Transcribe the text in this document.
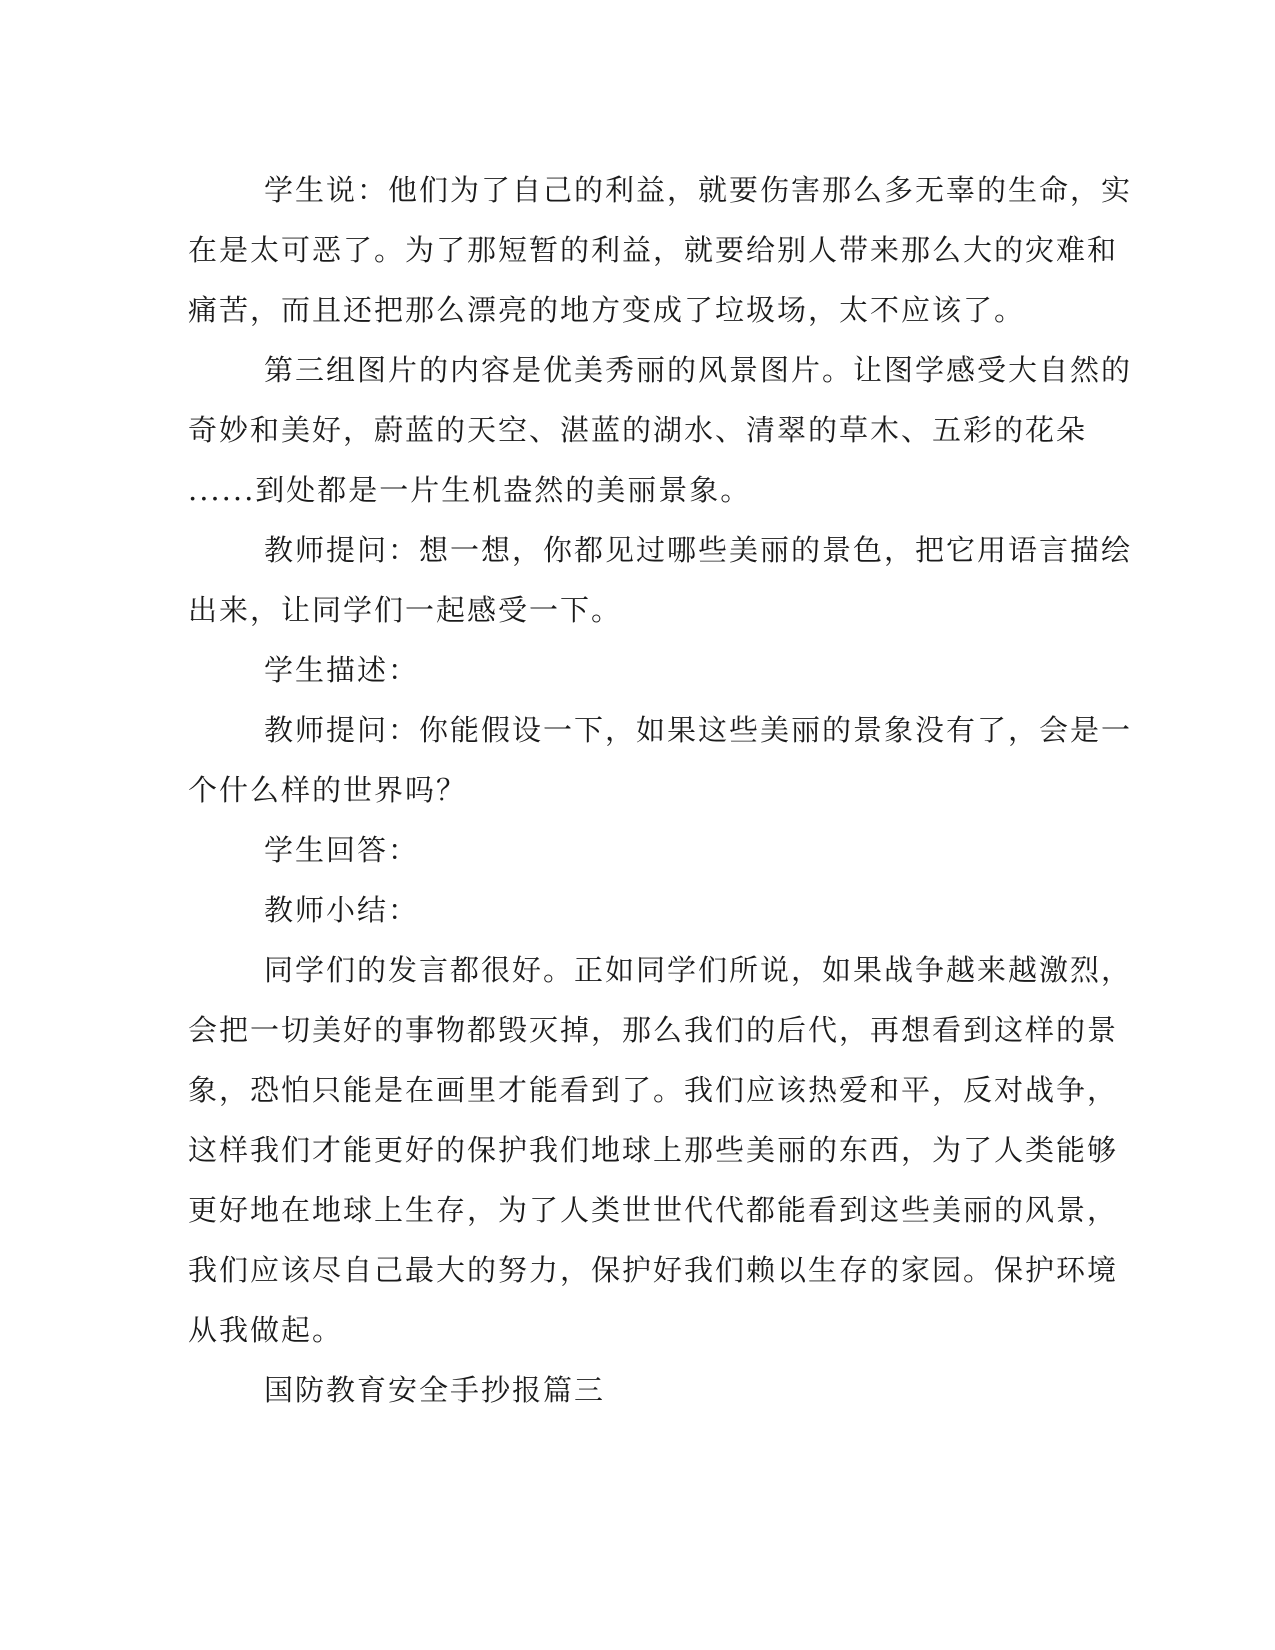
学生说：他们为了自己的利益，就要伤害那么多无辜的生命，实
在是太可恶了。为了那短暂的利益，就要给别人带来那么大的灾难和
痛苦，而且还把那么漂亮的地方变成了垃圾场，太不应该了。
第三组图片的内容是优美秀丽的风景图片。让图学感受大自然的
奇妙和美好，蔚蓝的天空、湛蓝的湖水、清翠的草木、五彩的花朵
......到处都是一片生机盎然的美丽景象。
教师提问：想一想，你都见过哪些美丽的景色，把它用语言描绘
出来，让同学们一起感受一下。
学生描述：
教师提问：你能假设一下，如果这些美丽的景象没有了，会是一
个什么样的世界吗？
学生回答：
教师小结：
同学们的发言都很好。正如同学们所说，如果战争越来越激烈，
会把一切美好的事物都毁灭掉，那么我们的后代，再想看到这样的景
象，恐怕只能是在画里才能看到了。我们应该热爱和平，反对战争，
这样我们才能更好的保护我们地球上那些美丽的东西，为了人类能够
更好地在地球上生存，为了人类世世代代都能看到这些美丽的风景，
我们应该尽自己最大的努力，保护好我们赖以生存的家园。保护环境
从我做起。
国防教育安全手抄报篇三
